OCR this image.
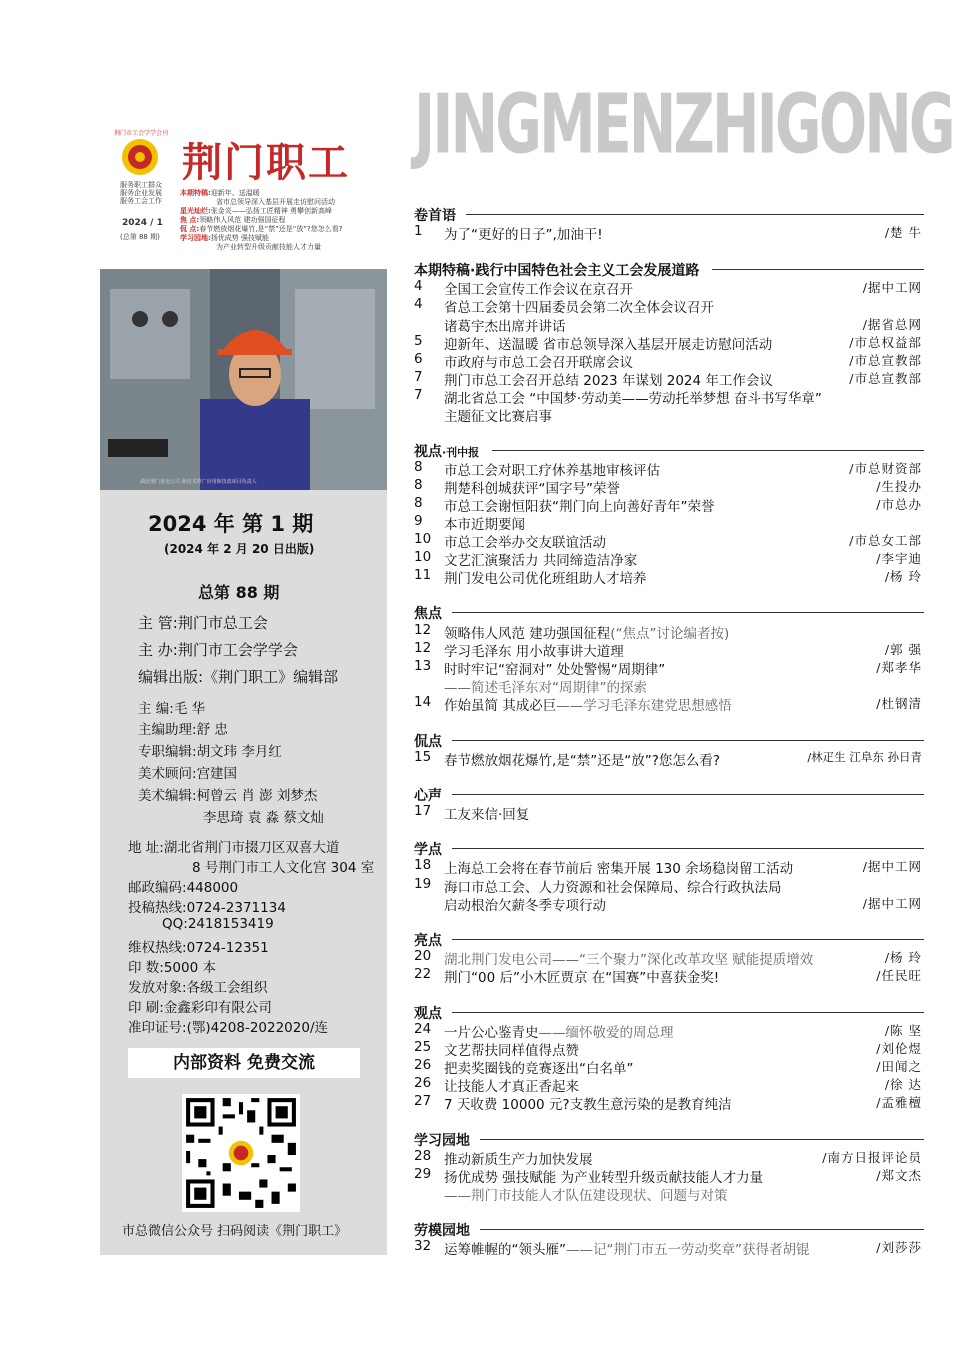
荆门市工会学学会刊
服务职工群众
服务企业发展
服务工会工作
荆门职工
2024 / 1
(总第 88 期)
本期特稿:迎新年、送温暖
省市总领导深入基层开展走访慰问活动
星光灿烂:张金炎——弘扬工匠精神 勇攀创新高峰
焦 点:领略伟人风范 建功强国征程
侃 点:春节燃放烟花爆竹,是“禁”还是“放”?您怎么看?
学习园地:扬优成势 强技赋能
为产业转型升级贡献技能人才力量
湖北荆门发电公司 新技术推广应用和技改项目负责人
2024 年 第 1 期
(2024 年 2 月 20 日出版)
总第 88 期
主 管:荆门市总工会
主 办:荆门市工会学学会
编辑出版:《荆门职工》编辑部
主 编:毛 华
主编助理:舒 忠
专职编辑:胡文玮 李月红
美术顾问:宫建国
美术编辑:柯曾云 肖 澎 刘梦杰
李思琦 袁 淼 蔡文灿
地 址:湖北省荆门市掇刀区双喜大道
8 号荆门市工人文化宫 304 室
邮政编码:448000
投稿热线:0724-2371134
QQ:2418153419
维权热线:0724-12351
印 数:5000 本
发放对象:各级工会组织
印 刷:金鑫彩印有限公司
准印证号:(鄂)4208-2022020/连
内部资料 免费交流
市总微信公众号 扫码阅读《荆门职工》
JINGMENZHIGONG
卷首语
1	为了“更好的日子”,加油干!	/楚 牛
本期特稿·践行中国特色社会主义工会发展道路
4	全国工会宣传工作会议在京召开	/据中工网
4	省总工会第十四届委员会第二次全体会议召开
诸葛宇杰出席并讲话	/据省总网
5	迎新年、送温暖 省市总领导深入基层开展走访慰问活动	/市总权益部
6	市政府与市总工会召开联席会议	/市总宣教部
7	荆门市总工会召开总结 2023 年谋划 2024 年工作会议	/市总宣教部
7	湖北省总工会 “中国梦·劳动美——劳动托举梦想 奋斗书写华章”
主题征文比赛启事
视点·刊中报
8	市总工会对职工疗休养基地审核评估	/市总财资部
8	荆楚科创城获评“国字号”荣誉	/生投办
8	市总工会谢恒阳获“荆门向上向善好青年”荣誉	/市总办
9	本市近期要闻
10 市总工会举办交友联谊活动	/市总女工部
10 文艺汇演聚活力 共同缔造洁净家	/李宇迪
11 荆门发电公司优化班组助人才培养	/杨 玲
焦点
12 领略伟人风范 建功强国征程(“焦点”讨论编者按)
12 学习毛泽东 用小故事讲大道理	/郭 强
13 时时牢记“窑洞对” 处处警惕“周期律”	/郑孝华
——简述毛泽东对“周期律”的探索
14 作始虽简 其成必巨——学习毛泽东建党思想感悟	/杜钢清
侃点
15 春节燃放烟花爆竹,是“禁”还是“放”?您怎么看?	/林疋生 江阜东 孙日青
心声
17 工友来信·回复
学点
18 上海总工会将在春节前后 密集开展 130 余场稳岗留工活动	/据中工网
19 海口市总工会、人力资源和社会保障局、综合行政执法局
启动根治欠薪冬季专项行动	/据中工网
亮点
20 湖北荆门发电公司——“三个聚力”深化改革攻坚 赋能提质增效	/杨 玲
22 荆门“00 后”小木匠贾京 在“国赛”中喜获金奖!	/任民旺
观点
24 一片公心鉴青史——缅怀敬爱的周总理	/陈 坚
25 文艺帮扶同样值得点赞	/刘伦煜
26 把卖奖圈钱的竞赛逐出“白名单”	/田闻之
26 让技能人才真正香起来	/徐 达
27 7 天收费 10000 元?支教生意污染的是教育纯洁	/孟雅檀
学习园地
28 推动新质生产力加快发展	/南方日报评论员
29 扬优成势 强技赋能 为产业转型升级贡献技能人才力量	/郑文杰
——荆门市技能人才队伍建设现状、问题与对策
劳模园地
32 运筹帷幄的“领头雁”——记“荆门市五一劳动奖章”获得者胡锟	/刘莎莎
